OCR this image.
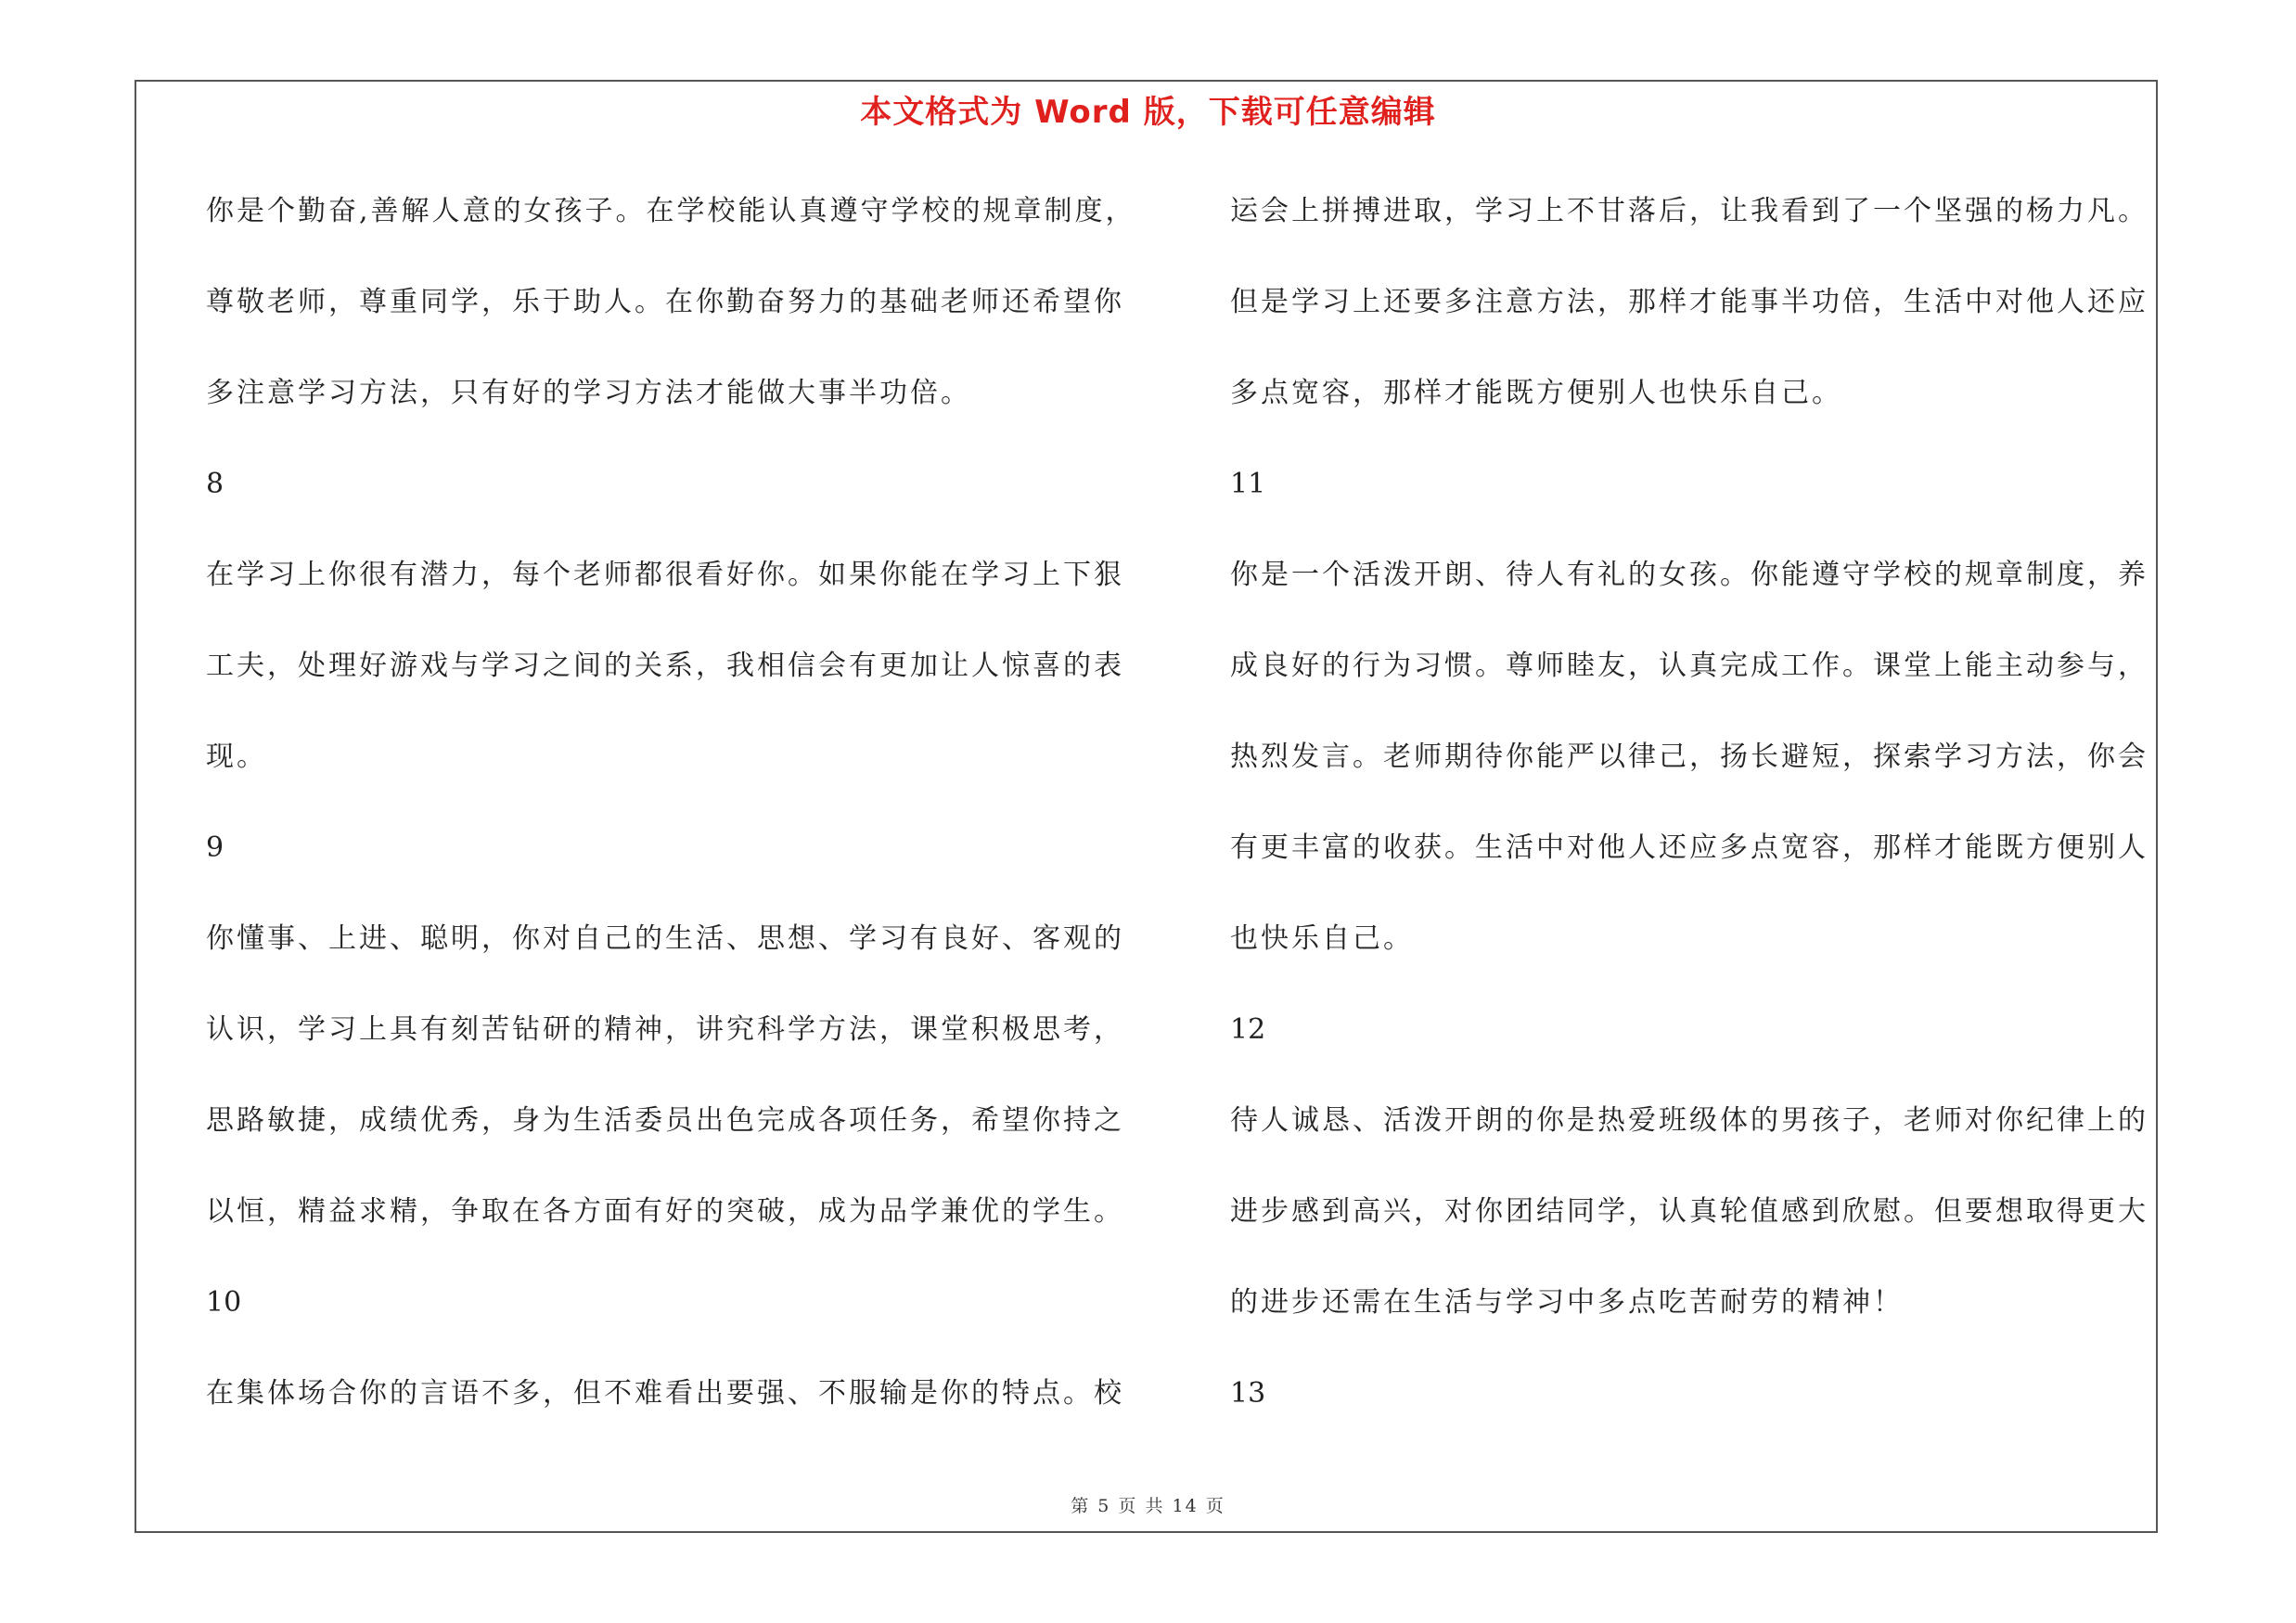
本文格式为 Word 版，下载可任意编辑
你是个勤奋,善解人意的女孩子。在学校能认真遵守学校的规章制度，
尊敬老师，尊重同学，乐于助人。在你勤奋努力的基础老师还希望你
多注意学习方法，只有好的学习方法才能做大事半功倍。
8
在学习上你很有潜力，每个老师都很看好你。如果你能在学习上下狠
工夫，处理好游戏与学习之间的关系，我相信会有更加让人惊喜的表
现。
9
你懂事、上进、聪明，你对自己的生活、思想、学习有良好、客观的
认识，学习上具有刻苦钻研的精神，讲究科学方法，课堂积极思考，
思路敏捷，成绩优秀，身为生活委员出色完成各项任务，希望你持之
以恒，精益求精，争取在各方面有好的突破，成为品学兼优的学生。
10
在集体场合你的言语不多，但不难看出要强、不服输是你的特点。校
运会上拼搏进取，学习上不甘落后，让我看到了一个坚强的杨力凡。
但是学习上还要多注意方法，那样才能事半功倍，生活中对他人还应
多点宽容，那样才能既方便别人也快乐自己。
11
你是一个活泼开朗、待人有礼的女孩。你能遵守学校的规章制度，养
成良好的行为习惯。尊师睦友，认真完成工作。课堂上能主动参与，
热烈发言。老师期待你能严以律己，扬长避短，探索学习方法，你会
有更丰富的收获。生活中对他人还应多点宽容，那样才能既方便别人
也快乐自己。
12
待人诚恳、活泼开朗的你是热爱班级体的男孩子，老师对你纪律上的
进步感到高兴，对你团结同学，认真轮值感到欣慰。但要想取得更大
的进步还需在生活与学习中多点吃苦耐劳的精神！
13
第 5 页 共 14 页
